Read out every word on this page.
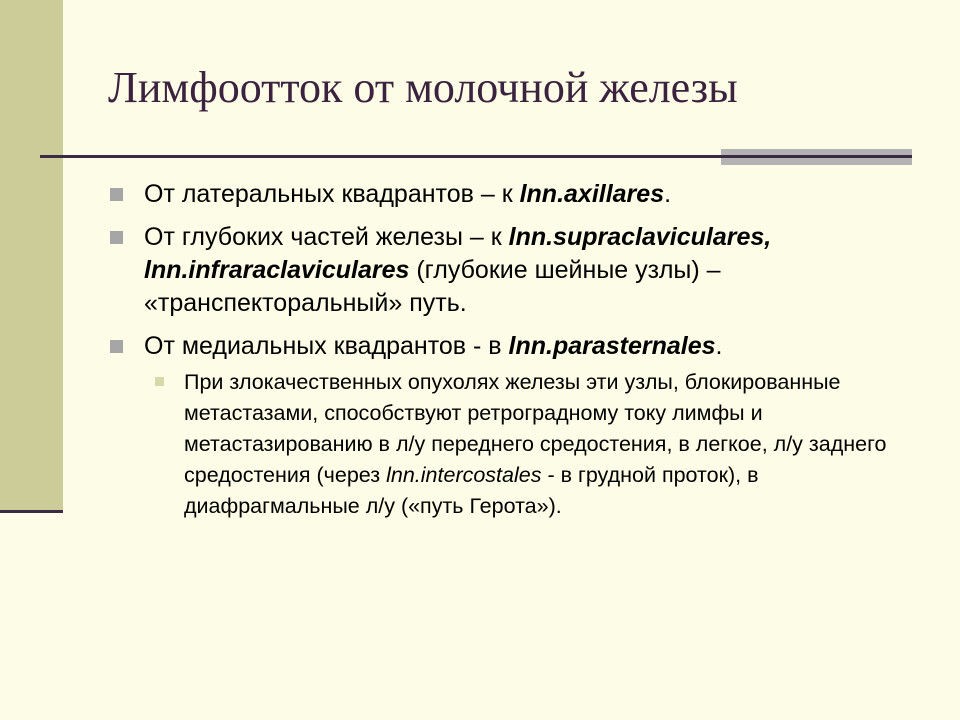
Лимфоотток от молочной железы
От латеральных квадрантов – к lnn.axillares.
От глубоких частей железы – к lnn.supraclaviculares, lnn.infraraclaviculares (глубокие шейные узлы) – «транспекторальный» путь.
От медиальных квадрантов - в lnn.parasternales.
При злокачественных опухолях железы эти узлы, блокированные метастазами, способствуют ретроградному току лимфы и метастазированию в л/у переднего средостения, в легкое, л/у заднего средостения (через lnn.intercostales - в грудной проток), в диафрагмальные л/у («путь Герота»).
